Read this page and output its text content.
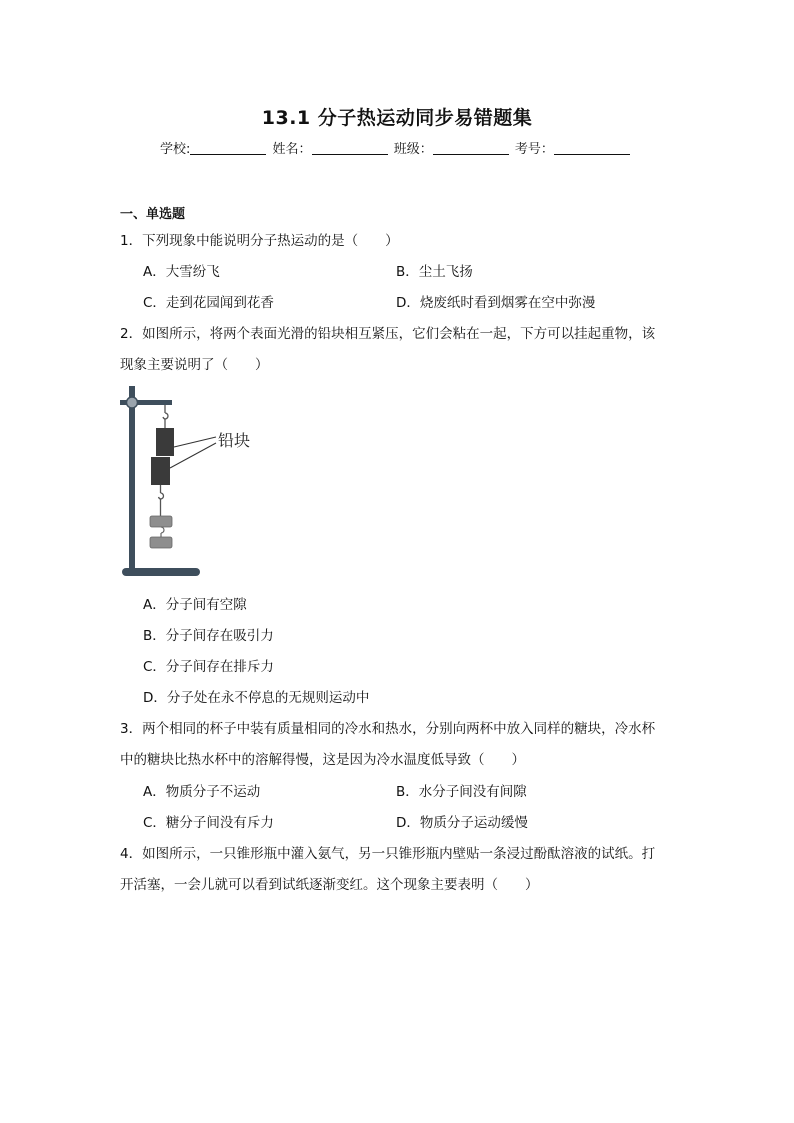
13.1 分子热运动同步易错题集
学校:	姓名：	班级：	考号：
一、单选题
1．下列现象中能说明分子热运动的是（　　）
A．大雪纷飞	B．尘土飞扬
C．走到花园闻到花香	D．烧废纸时看到烟雾在空中弥漫
2．如图所示，将两个表面光滑的铅块相互紧压，它们会粘在一起，下方可以挂起重物，该
现象主要说明了（　　）
铅块
A．分子间有空隙
B．分子间存在吸引力
C．分子间存在排斥力
D．分子处在永不停息的无规则运动中
3．两个相同的杯子中装有质量相同的冷水和热水，分别向两杯中放入同样的糖块，冷水杯
中的糖块比热水杯中的溶解得慢，这是因为冷水温度低导致（　　）
A．物质分子不运动	B．水分子间没有间隙
C．糖分子间没有斥力	D．物质分子运动缓慢
4．如图所示，一只锥形瓶中灌入氨气，另一只锥形瓶内壁贴一条浸过酚酞溶液的试纸。打
开活塞，一会儿就可以看到试纸逐渐变红。这个现象主要表明（　　）
